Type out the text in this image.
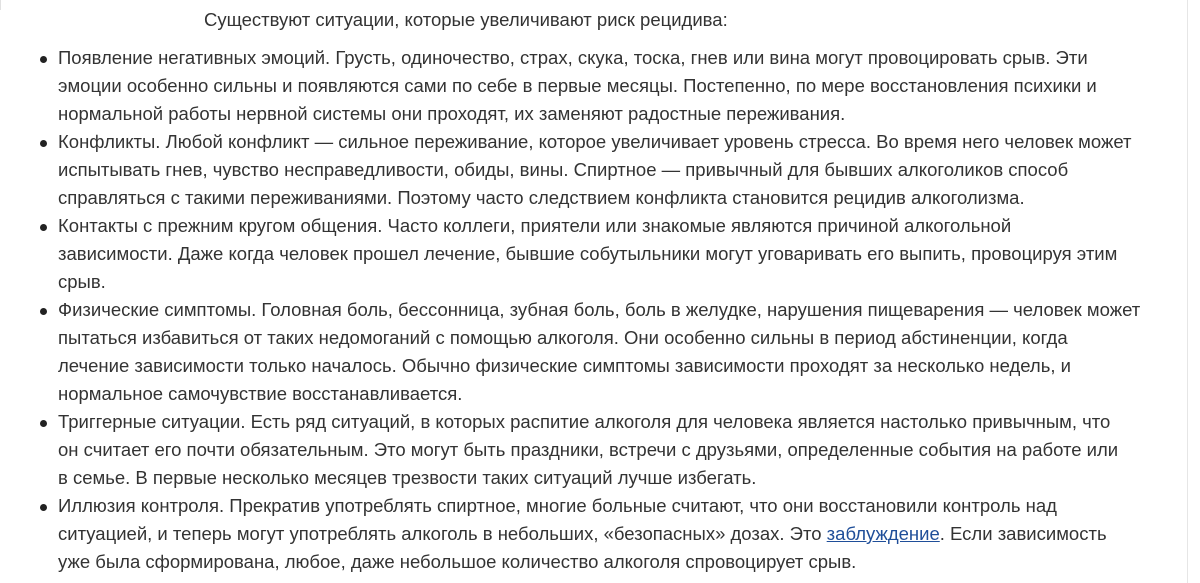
Существуют ситуации, которые увеличивают риск рецидива:

Появление негативных эмоций. Грусть, одиночество, страх, скука, тоска, гнев или вина могут провоцировать срыв. Эти
эмоции особенно сильны и появляются сами по себе в первые месяцы. Постепенно, по мере восстановления психики и
нормальной работы нервной системы они проходят, их заменяют радостные переживания.
Конфликты. Любой конфликт — сильное переживание, которое увеличивает уровень стресса. Во время него человек может
испытывать гнев, чувство несправедливости, обиды, вины. Спиртное — привычный для бывших алкоголиков способ
справляться с такими переживаниями. Поэтому часто следствием конфликта становится рецидив алкоголизма.
Контакты с прежним кругом общения. Часто коллеги, приятели или знакомые являются причиной алкогольной
зависимости. Даже когда человек прошел лечение, бывшие собутыльники могут уговаривать его выпить, провоцируя этим
срыв.
Физические симптомы. Головная боль, бессонница, зубная боль, боль в желудке, нарушения пищеварения — человек может
пытаться избавиться от таких недомоганий с помощью алкоголя. Они особенно сильны в период абстиненции, когда
лечение зависимости только началось. Обычно физические симптомы зависимости проходят за несколько недель, и
нормальное самочувствие восстанавливается.
Триггерные ситуации. Есть ряд ситуаций, в которых распитие алкоголя для человека является настолько привычным, что
он считает его почти обязательным. Это могут быть праздники, встречи с друзьями, определенные события на работе или
в семье. В первые несколько месяцев трезвости таких ситуаций лучше избегать.
Иллюзия контроля. Прекратив употреблять спиртное, многие больные считают, что они восстановили контроль над
ситуацией, и теперь могут употреблять алкоголь в небольших, «безопасных» дозах. Это заблуждение. Если зависимость
уже была сформирована, любое, даже небольшое количество алкоголя спровоцирует срыв.
